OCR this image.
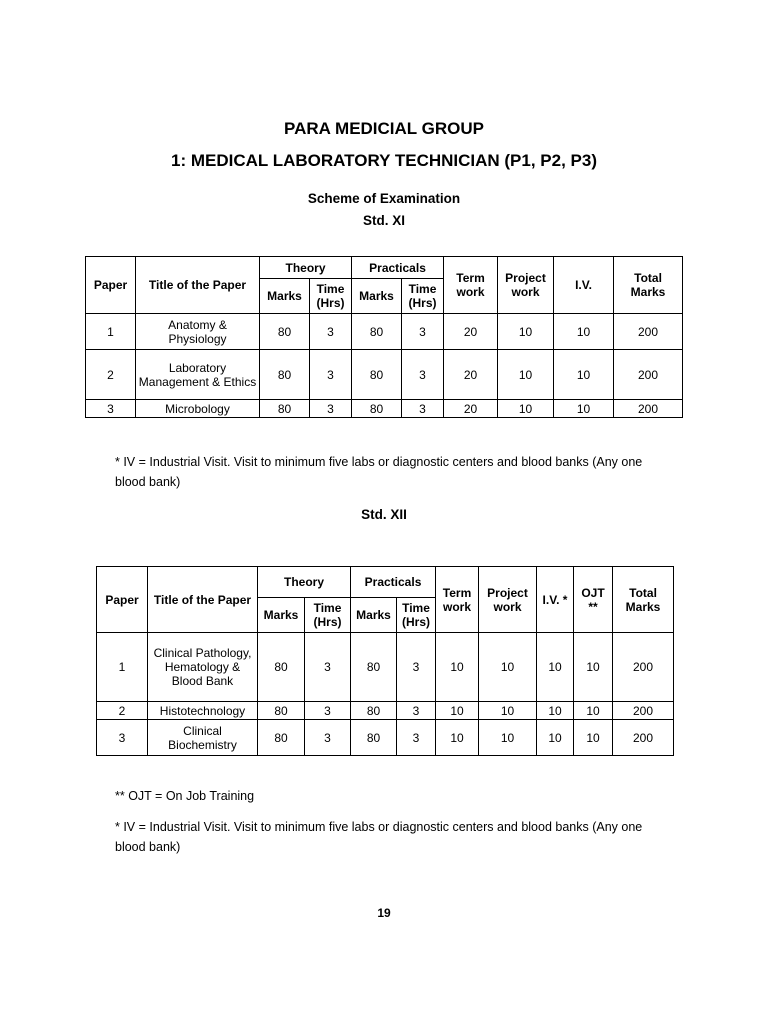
PARA MEDICIAL GROUP
1: MEDICAL LABORATORY TECHNICIAN (P1, P2, P3)
Scheme of Examination
Std. XI
Paper	Title of the Paper	Theory		Practicals		Term work	Project work	I.V.	Total Marks
		Marks	Time (Hrs)	Marks	Time (Hrs)				
1	Anatomy & Physiology	80	3	80	3	20	10	10	200
2	Laboratory Management & Ethics	80	3	80	3	20	10	10	200
3	Microbology	80	3	80	3	20	10	10	200
* IV = Industrial Visit. Visit to minimum five labs or diagnostic centers and blood banks (Any one blood bank)
Std. XII
Paper	Title of the Paper	Theory		Practicals		Term work	Project work	I.V. *	OJT **	Total Marks
		Marks	Time (Hrs)	Marks	Time (Hrs)					
1	Clinical Pathology, Hematology & Blood Bank	80	3	80	3	10	10	10	10	200
2	Histotechnology	80	3	80	3	10	10	10	10	200
3	Clinical Biochemistry	80	3	80	3	10	10	10	10	200
** OJT = On Job Training
* IV = Industrial Visit. Visit to minimum five labs or diagnostic centers and blood banks (Any one blood bank)
19
